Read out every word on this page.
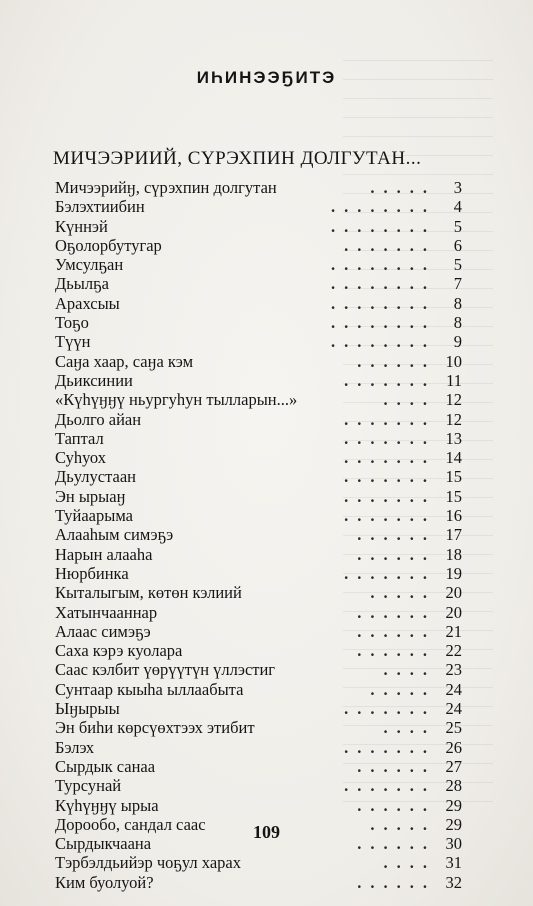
ИҺИНЭЭҔИТЭ
МИЧЭЭРИИЙ, СҮРЭХПИН ДОЛГУТАН...
Мичээрийӈ, сүрэхпин долгутан	.....	3
Бэлэхтиибин	........	4
Күннэй	........	5
Оҕолорбутугар	.......	6
Умсулҕан	........	5
Дьылҕа	........	7
Арахсыы	........	8
Тоҕо	........	8
Түүн	........	9
Саӈа хаар, саӈа кэм	...... 10
Дьиксинии	....... 11
«Күһүӈӈү ньургуһун тылларын...»	.... 12
Дьолго айан	....... 12
Таптал	....... 13
Суһуох	....... 14
Дьулустаан	....... 15
Эн ырыаӈ	....... 15
Туйаарыма	....... 16
Алааһым симэҕэ	...... 17
Нарын алааһа	...... 18
Нюрбинка	....... 19
Кыталыгым, көтөн кэлиий	..... 20
Хатынчааннар	...... 20
Алаас симэҕэ	...... 21
Саха кэрэ куолара	...... 22
Саас кэлбит үөрүүтүн үллэстиг	.... 23
Сунтаар кыыһа ыллаабыта	..... 24
Ыӈырыы	....... 24
Эн биһи көрсүөхтээх этибит	.... 25
Бэлэх	....... 26
Сырдык санаа	...... 27
Турсунай	....... 28
Күһүӈӈү ырыа	...... 29
Дорообо, сандал саас	..... 29
Сырдыкчаана	...... 30
Тэрбэлдьийэр чоҕул харах	.... 31
Ким буолуой?	...... 32
109
